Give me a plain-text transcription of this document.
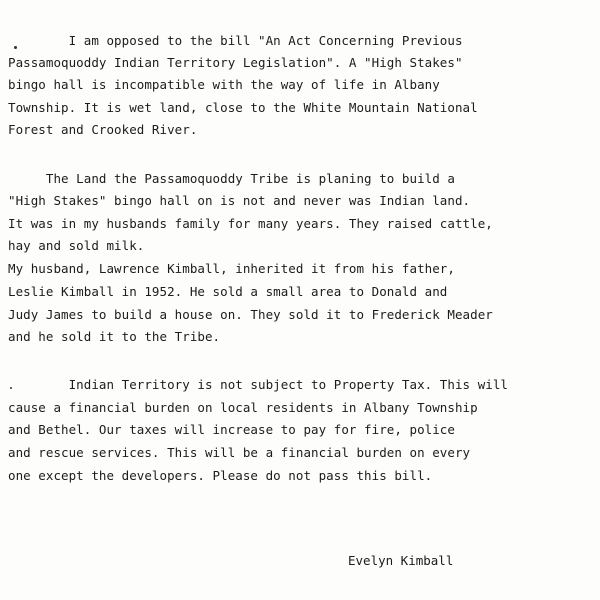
I am opposed to the bill "An Act Concerning Previous

Passamoquoddy Indian Territory Legislation". A "High Stakes"

bingo hall is incompatible with the way of life in Albany

Township. It is wet land, close to the White Mountain National

Forest and Crooked River.

The Land the Passamoquoddy Tribe is planing to build a

"High Stakes" bingo hall on is not and never was Indian land.

It was in my husbands family for many years. They raised cattle,

hay and sold milk.

My husband, Lawrence Kimball, inherited it from his father,

Leslie Kimball in 1952. He sold a small area to Donald and

Judy James to build a house on. They sold it to Frederick Meader

and he sold it to the Tribe.

Indian Territory is not subject to Property Tax. This will

cause a financial burden on local residents in Albany Township

and Bethel. Our taxes will increase to pay for fire, police

and rescue services. This will be a financial burden on every

one except the developers. Please do not pass this bill.

Evelyn Kimball
